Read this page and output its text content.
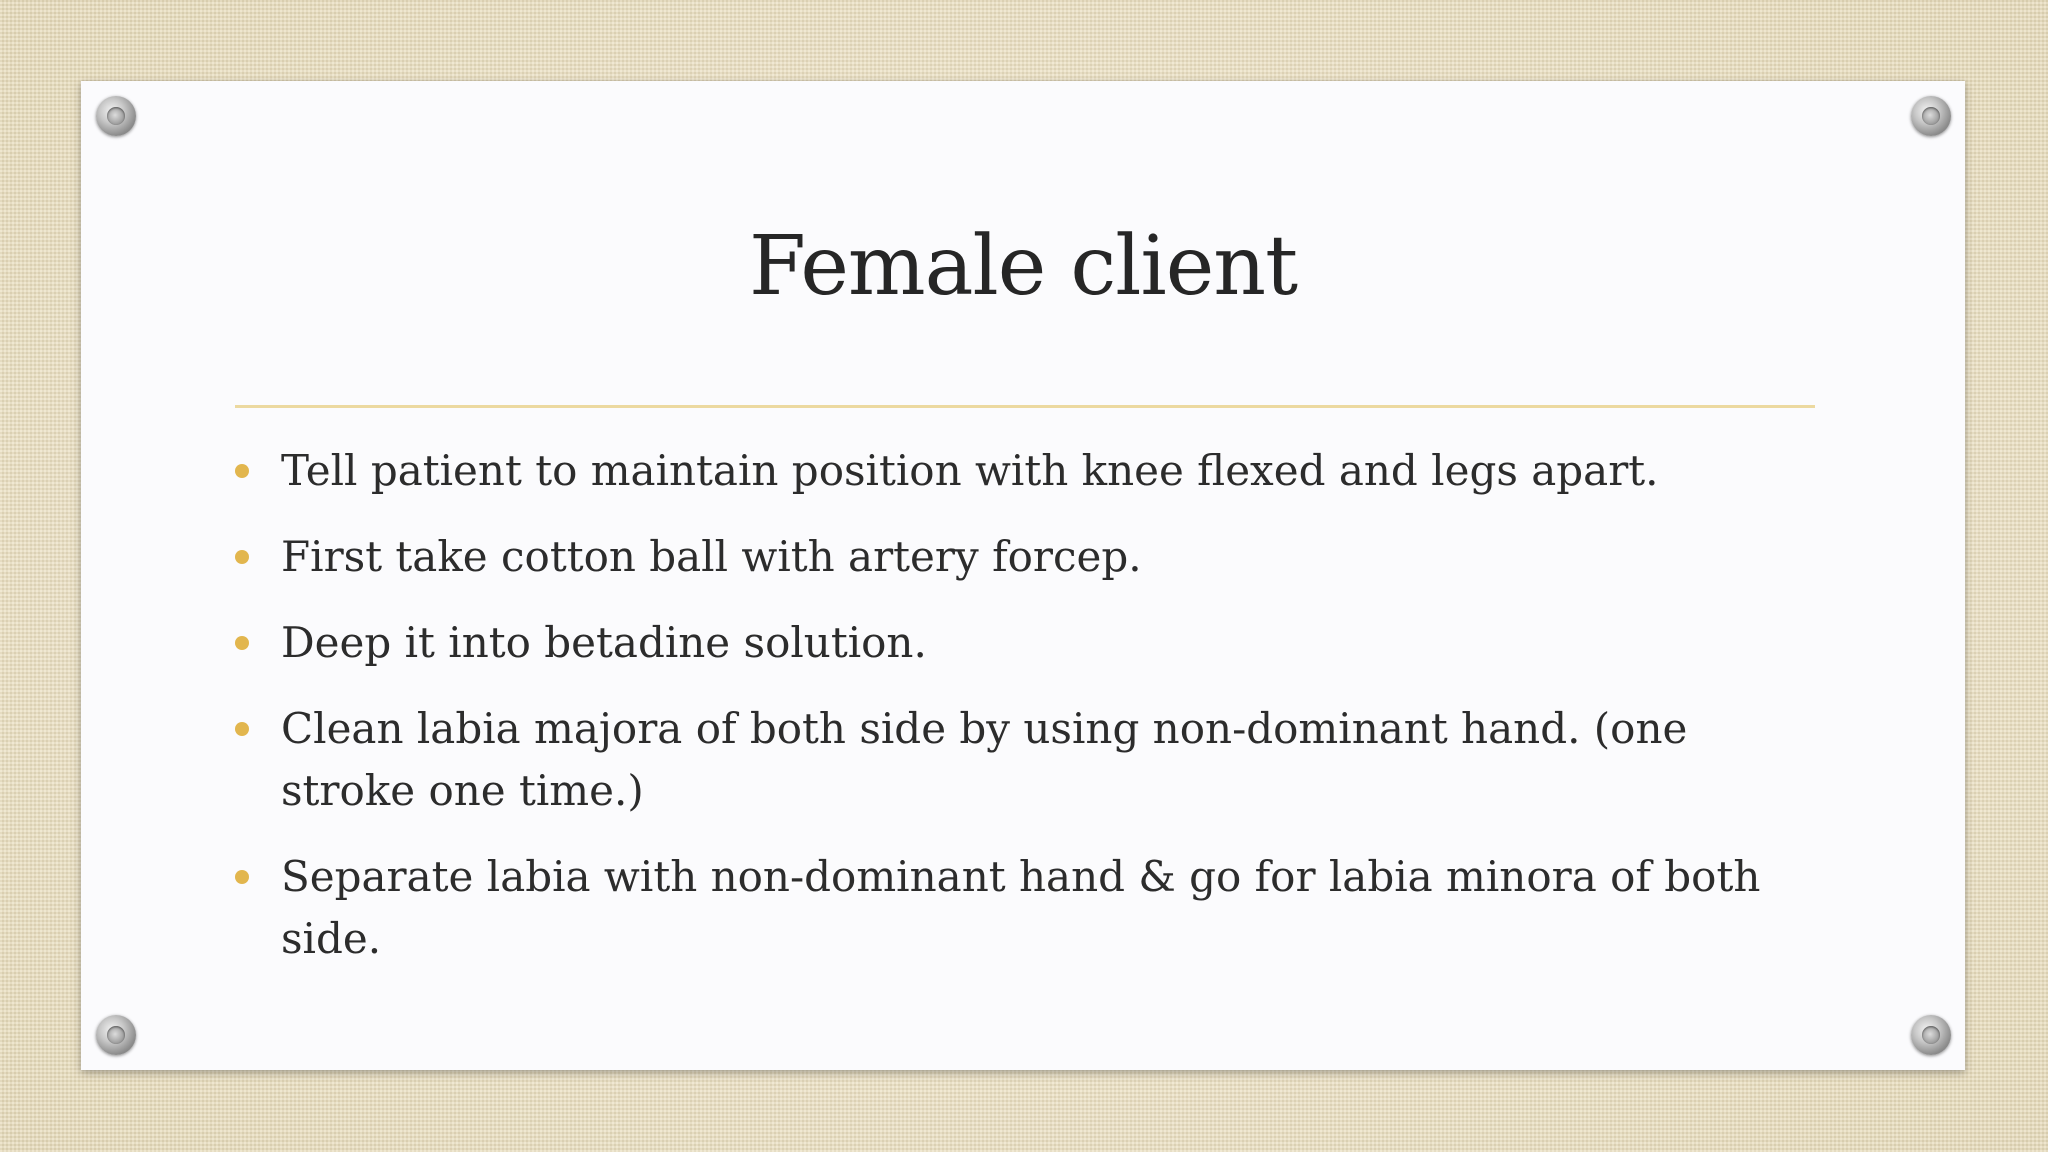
Female client
Tell patient to maintain position with knee flexed and legs apart.
First take cotton ball with artery forcep.
Deep it into betadine solution.
Clean labia majora of both side by using non-dominant hand. (one stroke one time.)
Separate labia with non-dominant hand & go for labia minora of both side.
